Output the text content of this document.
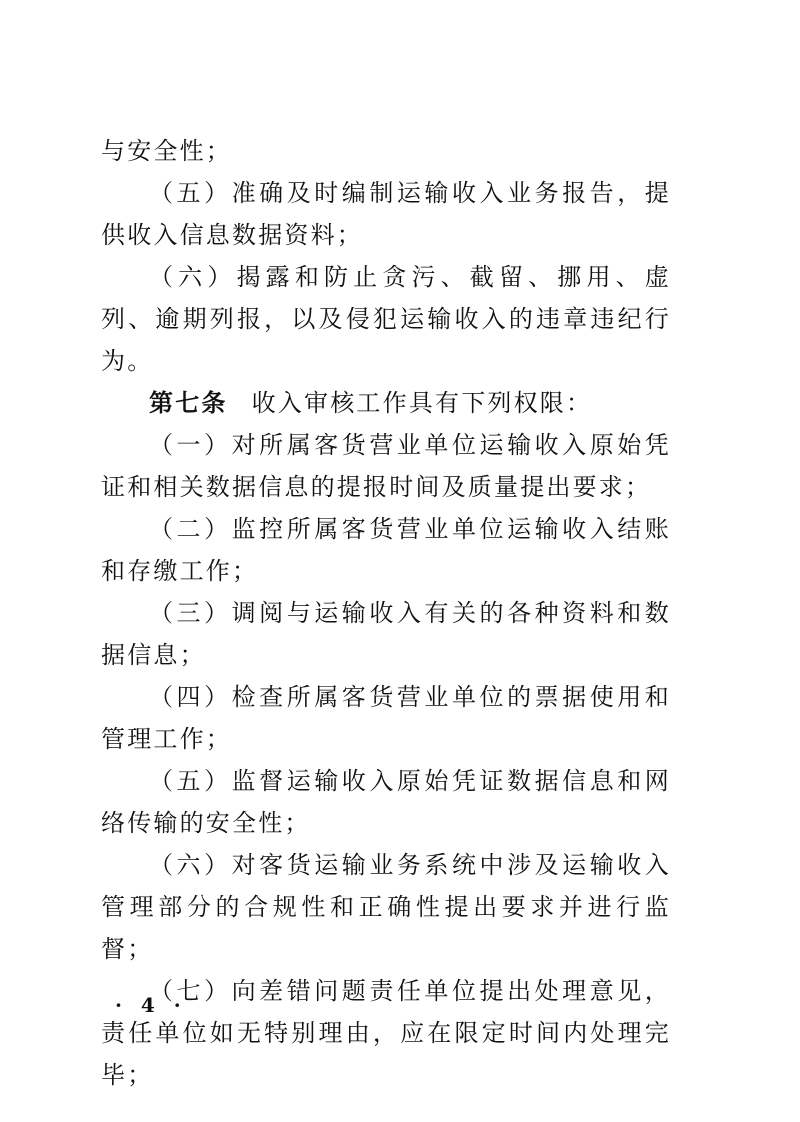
与安全性；

（五）准确及时编制运输收入业务报告，提供收入信息数据资料；

（六）揭露和防止贪污、截留、挪用、虚列、逾期列报，以及侵犯运输收入的违章违纪行为。

第七条 收入审核工作具有下列权限：

（一）对所属客货营业单位运输收入原始凭证和相关数据信息的提报时间及质量提出要求；

（二）监控所属客货营业单位运输收入结账和存缴工作；

（三）调阅与运输收入有关的各种资料和数据信息；

（四）检查所属客货营业单位的票据使用和管理工作；

（五）监督运输收入原始凭证数据信息和网络传输的安全性；

（六）对客货运输业务系统中涉及运输收入管理部分的合规性和正确性提出要求并进行监督；

（七）向差错问题责任单位提出处理意见，责任单位如无特别理由，应在限定时间内处理完毕；

· 4 ·
